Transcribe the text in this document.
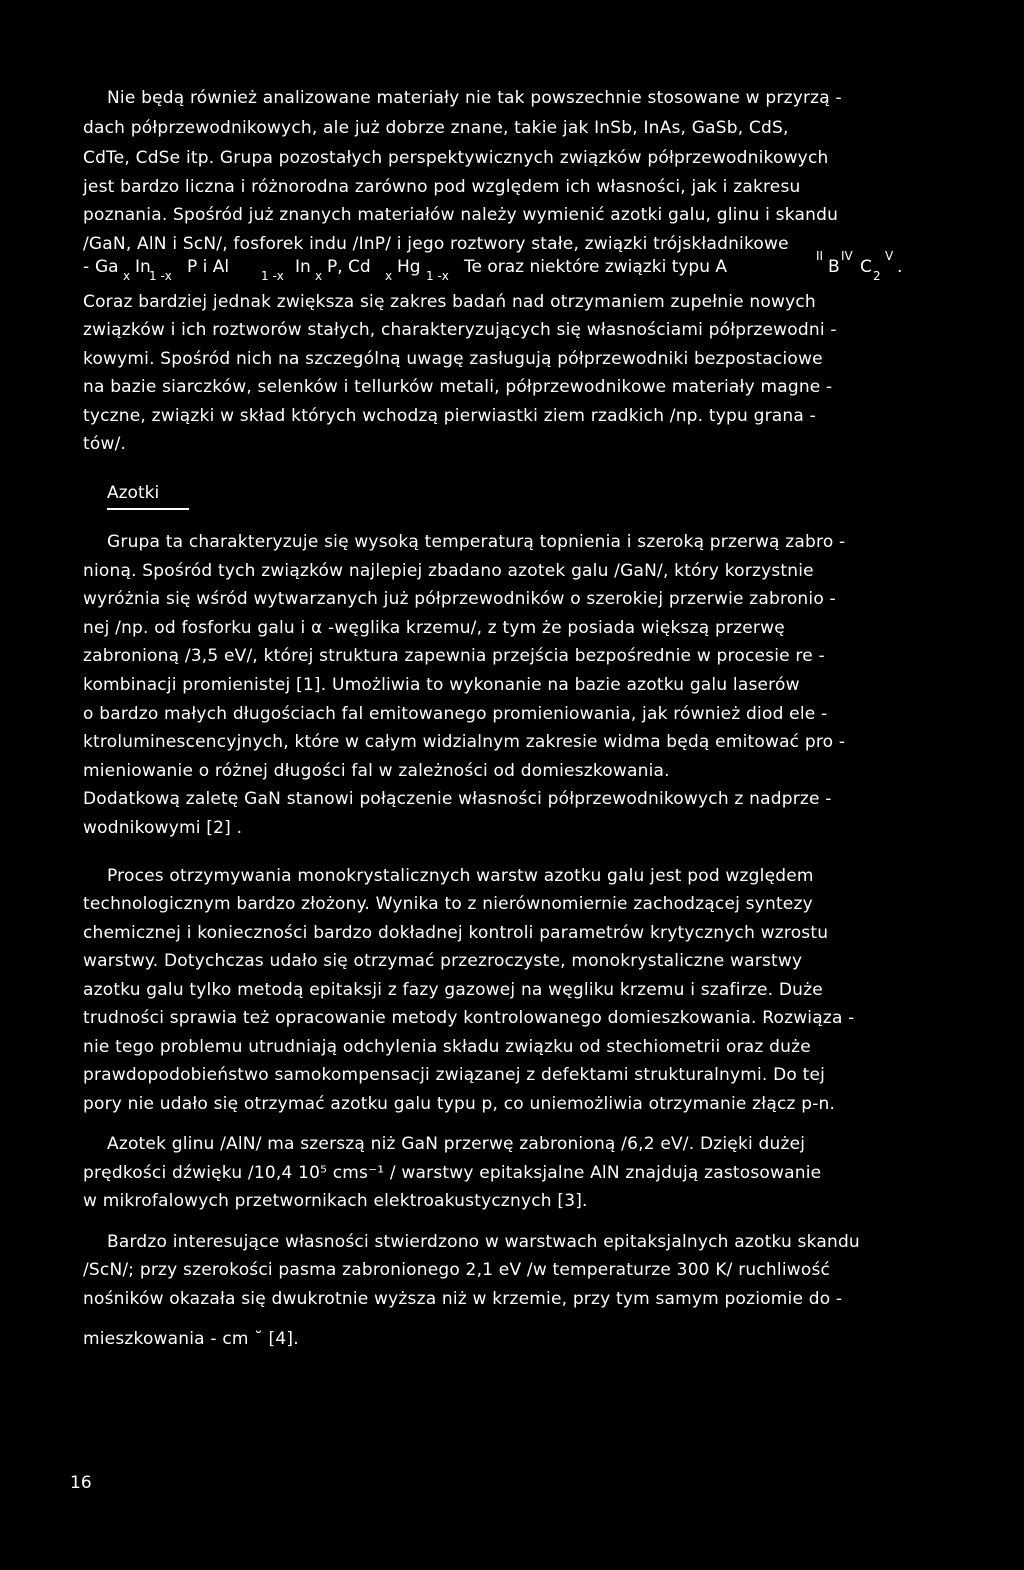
Nie będą również analizowane materiały nie tak powszechnie stosowane w przyrzą -
dach półprzewodnikowych, ale już dobrze znane, takie jak InSb, InAs, GaSb, CdS,
CdTe, CdSe itp. Grupa pozostałych perspektywicznych związków półprzewodnikowych
jest bardzo liczna i różnorodna zarówno pod względem ich własności, jak i zakresu
poznania. Spośród już znanych materiałów należy wymienić azotki galu, glinu i skandu
/GaN, AlN i ScN/, fosforek indu /InP/ i jego roztwory stałe, związki trójskładnikowe
- Ga x In
1 -x P i Al	1 -x In x P, Cd x Hg 1 -x Te oraz niektóre związki typu A
II
B
IV
C 2
V
.
Coraz bardziej jednak zwiększa się zakres badań nad otrzymaniem zupełnie nowych
związków i ich roztworów stałych, charakteryzujących się własnościami półprzewodni -
kowymi. Spośród nich na szczególną uwagę zasługują półprzewodniki bezpostaciowe
na bazie siarczków, selenków i tellurków metali, półprzewodnikowe materiały magne -
tyczne, związki w skład których wchodzą pierwiastki ziem rzadkich /np. typu grana -
tów/.
Azotki
Grupa ta charakteryzuje się wysoką temperaturą topnienia i szeroką przerwą zabro -
nioną. Spośród tych związków najlepiej zbadano azotek galu /GaN/, który korzystnie
wyróżnia się wśród wytwarzanych już półprzewodników o szerokiej przerwie zabronio -
nej /np. od fosforku galu i α -węglika krzemu/, z tym że posiada większą przerwę
zabronioną /3,5 eV/, której struktura zapewnia przejścia bezpośrednie w procesie re -
kombinacji promienistej [1]. Umożliwia to wykonanie na bazie azotku galu laserów
o bardzo małych długościach fal emitowanego promieniowania, jak również diod ele -
ktroluminescencyjnych, które w całym widzialnym zakresie widma będą emitować pro -
mieniowanie o różnej długości fal w zależności od domieszkowania.
Dodatkową zaletę GaN stanowi połączenie własności półprzewodnikowych z nadprze -
wodnikowymi [2] .
Proces otrzymywania monokrystalicznych warstw azotku galu jest pod względem
technologicznym bardzo złożony. Wynika to z nierównomiernie zachodzącej syntezy
chemicznej i konieczności bardzo dokładnej kontroli parametrów krytycznych wzrostu
warstwy. Dotychczas udało się otrzymać przezroczyste, monokrystaliczne warstwy
azotku galu tylko metodą epitaksji z fazy gazowej na węgliku krzemu i szafirze. Duże
trudności sprawia też opracowanie metody kontrolowanego domieszkowania. Rozwiąza -
nie tego problemu utrudniają odchylenia składu związku od stechiometrii oraz duże
prawdopodobieństwo samokompensacji związanej z defektami strukturalnymi. Do tej
pory nie udało się otrzymać azotku galu typu p, co uniemożliwia otrzymanie złącz p-n.
Azotek glinu /AlN/ ma szerszą niż GaN przerwę zabronioną /6,2 eV/. Dzięki dużej
prędkości dźwięku /10,4 10⁵ cms⁻¹ / warstwy epitaksjalne AlN znajdują zastosowanie
w mikrofalowych przetwornikach elektroakustycznych [3].
Bardzo interesujące własności stwierdzono w warstwach epitaksjalnych azotku skandu
/ScN/; przy szerokości pasma zabronionego 2,1 eV /w temperaturze 300 K/ ruchliwość
nośników okazała się dwukrotnie wyższa niż w krzemie, przy tym samym poziomie do -
mieszkowania - cm ˘ [4].
16
